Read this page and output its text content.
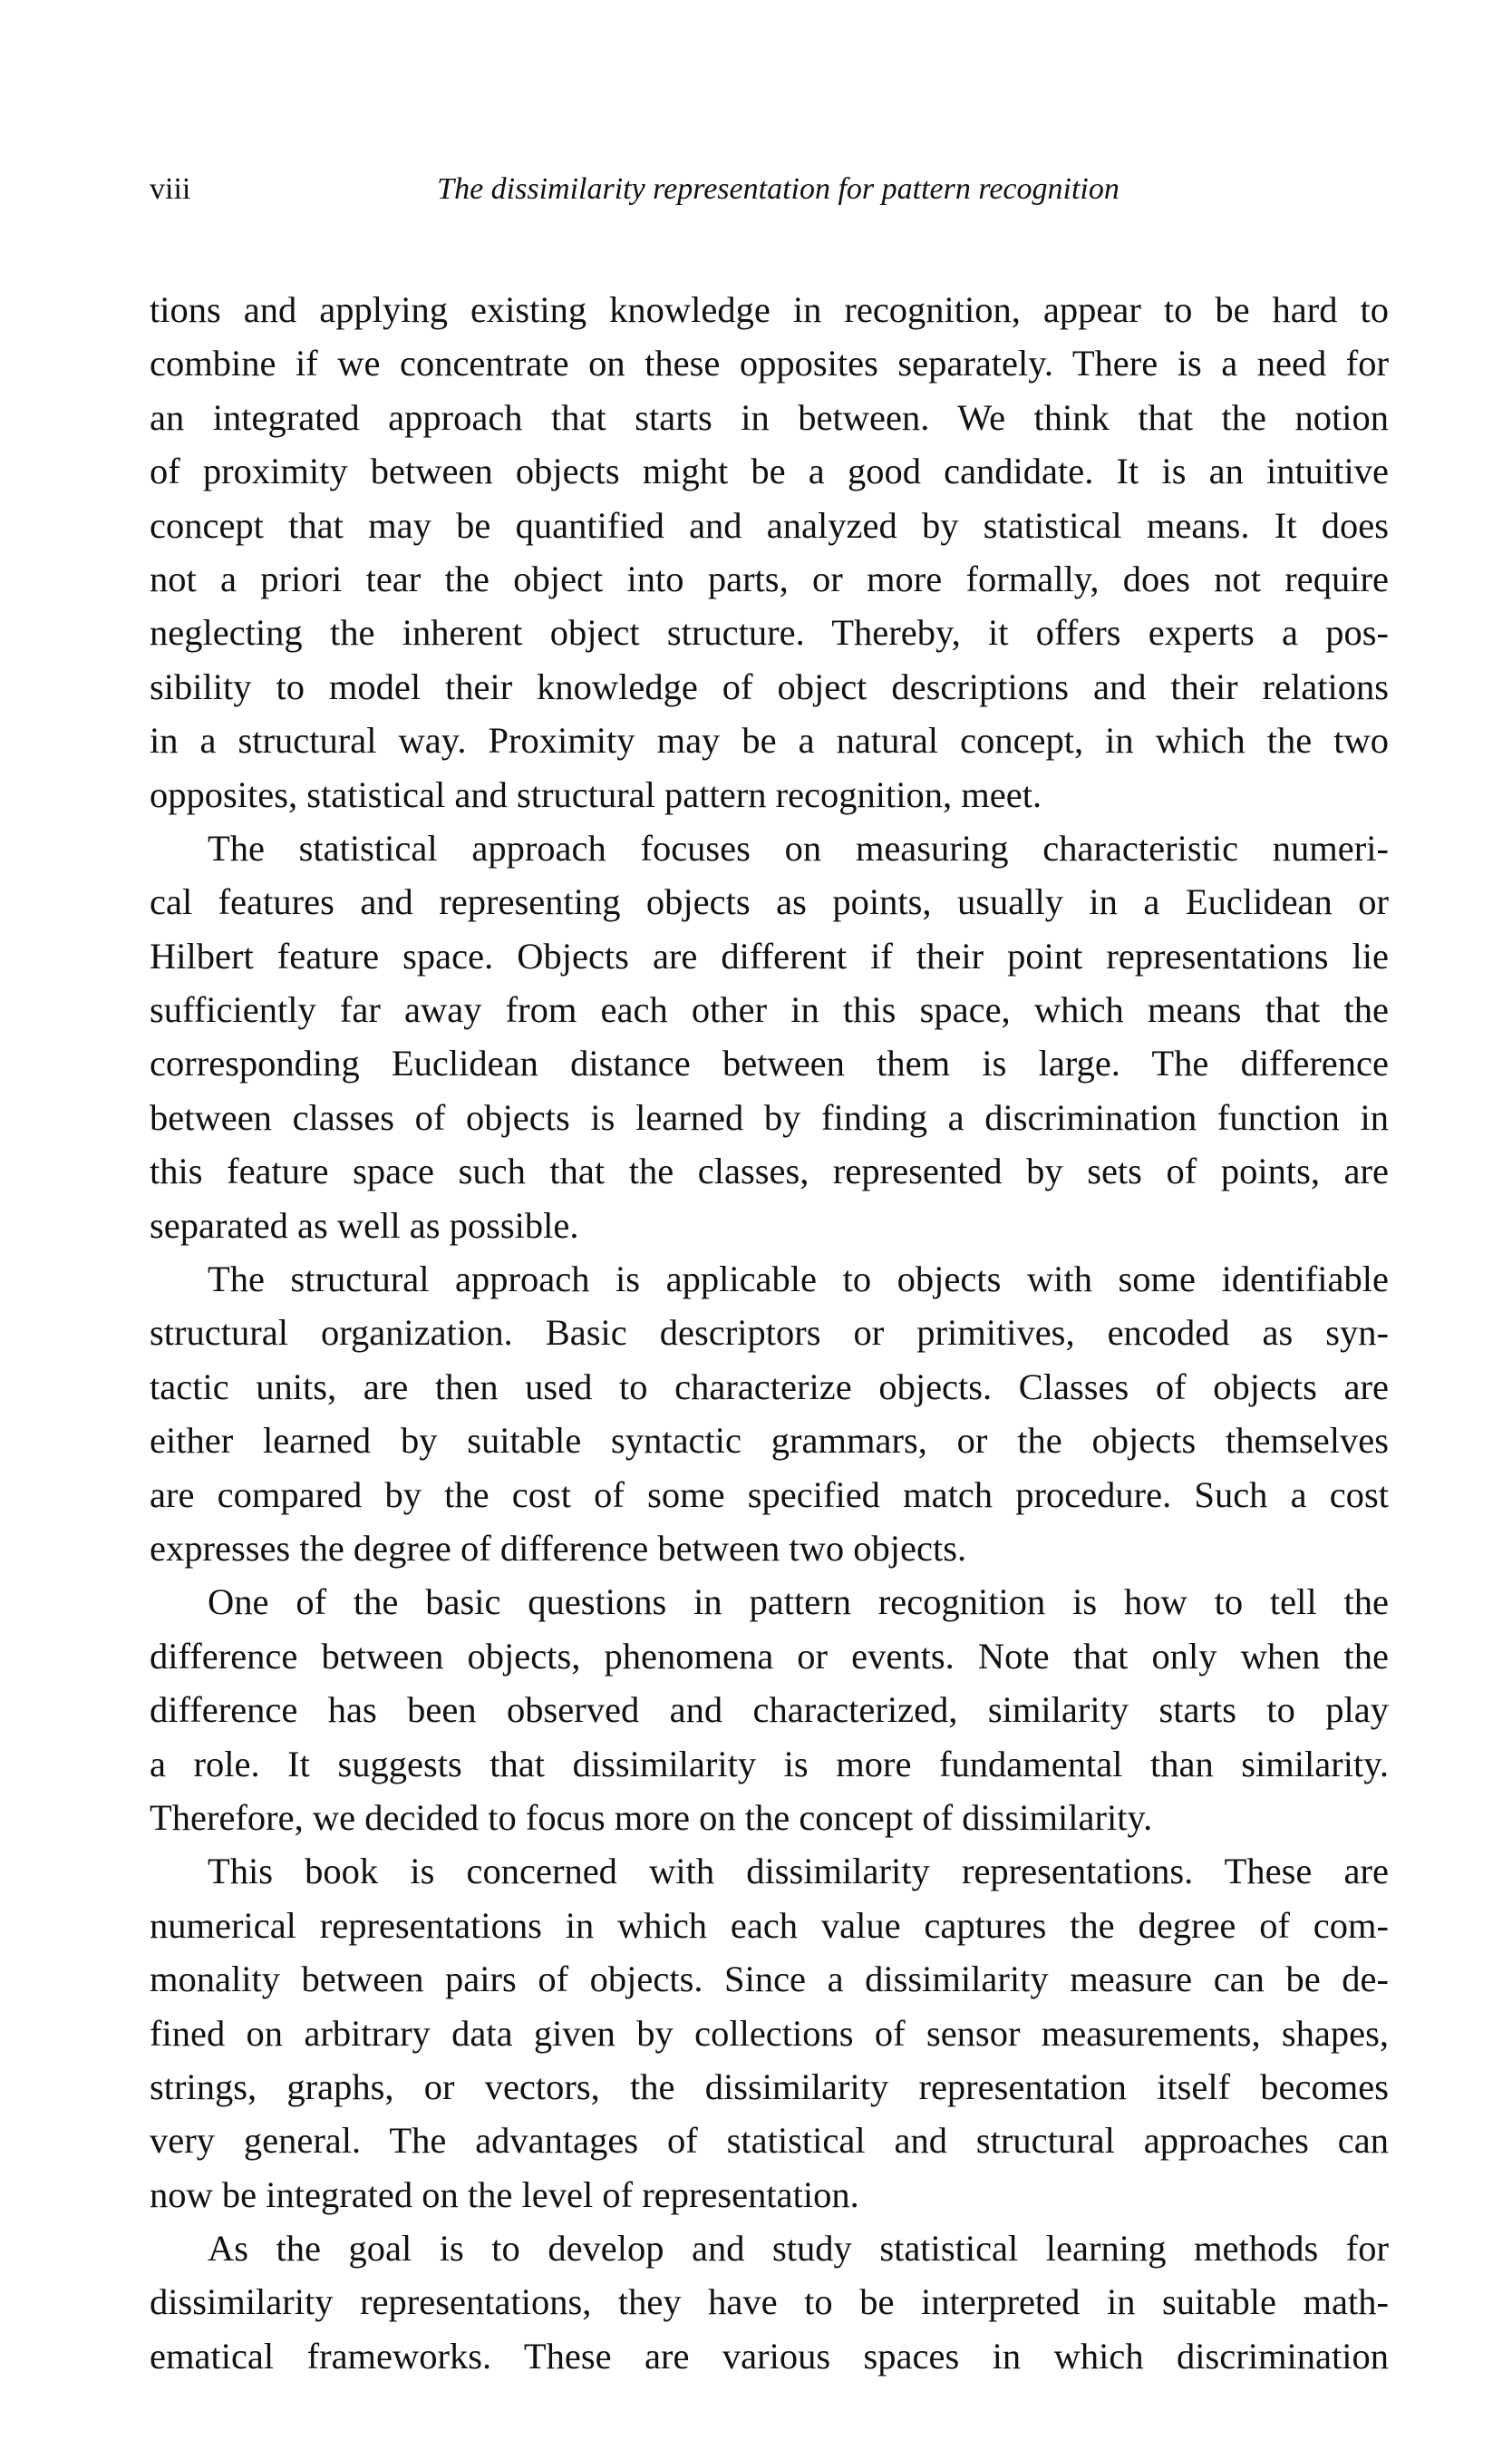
viii	The dissimilarity representation for pattern recognition
tions and applying existing knowledge in recognition, appear to be hard to
combine if we concentrate on these opposites separately. There is a need for
an integrated approach that starts in between. We think that the notion
of proximity between objects might be a good candidate. It is an intuitive
concept that may be quantified and analyzed by statistical means. It does
not a priori tear the object into parts, or more formally, does not require
neglecting the inherent object structure. Thereby, it offers experts a pos-
sibility to model their knowledge of object descriptions and their relations
in a structural way. Proximity may be a natural concept, in which the two
opposites, statistical and structural pattern recognition, meet.
The statistical approach focuses on measuring characteristic numeri-
cal features and representing objects as points, usually in a Euclidean or
Hilbert feature space. Objects are different if their point representations lie
sufficiently far away from each other in this space, which means that the
corresponding Euclidean distance between them is large. The difference
between classes of objects is learned by finding a discrimination function in
this feature space such that the classes, represented by sets of points, are
separated as well as possible.
The structural approach is applicable to objects with some identifiable
structural organization. Basic descriptors or primitives, encoded as syn-
tactic units, are then used to characterize objects. Classes of objects are
either learned by suitable syntactic grammars, or the objects themselves
are compared by the cost of some specified match procedure. Such a cost
expresses the degree of difference between two objects.
One of the basic questions in pattern recognition is how to tell the
difference between objects, phenomena or events. Note that only when the
difference has been observed and characterized, similarity starts to play
a role. It suggests that dissimilarity is more fundamental than similarity.
Therefore, we decided to focus more on the concept of dissimilarity.
This book is concerned with dissimilarity representations. These are
numerical representations in which each value captures the degree of com-
monality between pairs of objects. Since a dissimilarity measure can be de-
fined on arbitrary data given by collections of sensor measurements, shapes,
strings, graphs, or vectors, the dissimilarity representation itself becomes
very general. The advantages of statistical and structural approaches can
now be integrated on the level of representation.
As the goal is to develop and study statistical learning methods for
dissimilarity representations, they have to be interpreted in suitable math-
ematical frameworks. These are various spaces in which discrimination
